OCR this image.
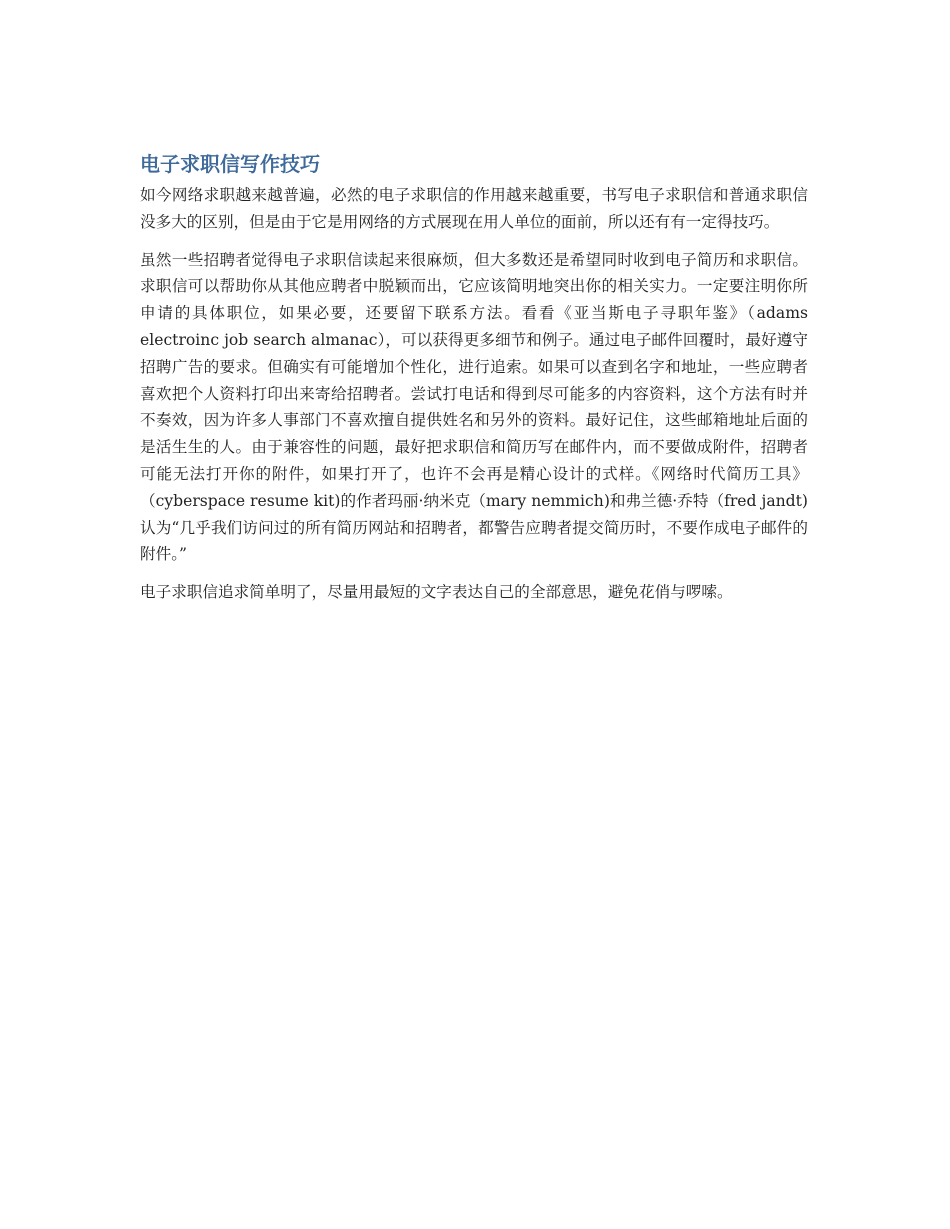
电子求职信写作技巧

如今网络求职越来越普遍，必然的电子求职信的作用越来越重要，书写电子求职信和普通求职信没多大的区别，但是由于它是用网络的方式展现在用人单位的面前，所以还有有一定得技巧。

虽然一些招聘者觉得电子求职信读起来很麻烦，但大多数还是希望同时收到电子简历和求职信。求职信可以帮助你从其他应聘者中脱颖而出，它应该简明地突出你的相关实力。一定要注明你所申请的具体职位，如果必要，还要留下联系方法。看看《亚当斯电子寻职年鉴》（adams electroinc job search almanac），可以获得更多细节和例子。通过电子邮件回覆时，最好遵守招聘广告的要求。但确实有可能增加个性化，进行追索。如果可以查到名字和地址，一些应聘者喜欢把个人资料打印出来寄给招聘者。尝试打电话和得到尽可能多的内容资料，这个方法有时并不奏效，因为许多人事部门不喜欢擅自提供姓名和另外的资料。最好记住，这些邮箱地址后面的是活生生的人。由于兼容性的问题，最好把求职信和简历写在邮件内，而不要做成附件，招聘者可能无法打开你的附件，如果打开了，也许不会再是精心设计的式样。《网络时代简历工具》（cyberspace resume kit)的作者玛丽·纳米克（mary nemmich)和弗兰德·乔特（fred jandt)认为“几乎我们访问过的所有简历网站和招聘者，都警告应聘者提交简历时，不要作成电子邮件的附件。”

电子求职信追求简单明了，尽量用最短的文字表达自己的全部意思，避免花俏与啰嗦。
